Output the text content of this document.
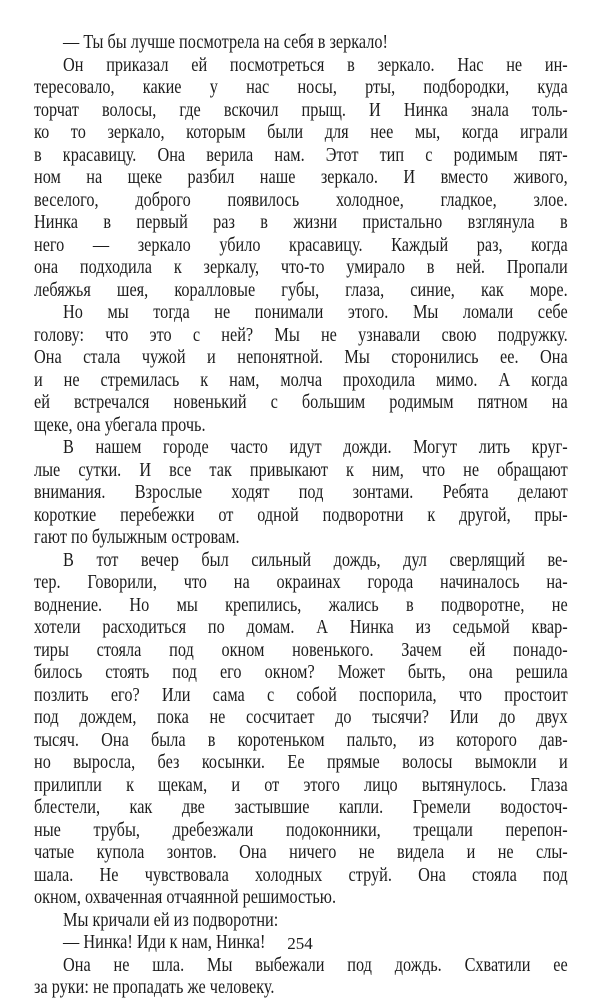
— Ты бы лучше посмотрела на себя в зеркало!
Он приказал ей посмотреться в зеркало. Нас не ин-
тересовало, какие у нас носы, рты, подбородки, куда
торчат волосы, где вскочил прыщ. И Нинка знала толь-
ко то зеркало, которым были для нее мы, когда играли
в красавицу. Она верила нам. Этот тип с родимым пят-
ном на щеке разбил наше зеркало. И вместо живого,
веселого, доброго появилось холодное, гладкое, злое.
Нинка в первый раз в жизни пристально взглянула в
него — зеркало убило красавицу. Каждый раз, когда
она подходила к зеркалу, что-то умирало в ней. Пропали
лебяжья шея, коралловые губы, глаза, синие, как море.
Но мы тогда не понимали этого. Мы ломали себе
голову: что это с ней? Мы не узнавали свою подружку.
Она стала чужой и непонятной. Мы сторонились ее. Она
и не стремилась к нам, молча проходила мимо. А когда
ей встречался новенький с большим родимым пятном на
щеке, она убегала прочь.
В нашем городе часто идут дожди. Могут лить круг-
лые сутки. И все так привыкают к ним, что не обращают
внимания. Взрослые ходят под зонтами. Ребята делают
короткие перебежки от одной подворотни к другой, пры-
гают по булыжным островам.
В тот вечер был сильный дождь, дул сверлящий ве-
тер. Говорили, что на окраинах города начиналось на-
воднение. Но мы крепились, жались в подворотне, не
хотели расходиться по домам. А Нинка из седьмой квар-
тиры стояла под окном новенького. Зачем ей понадо-
билось стоять под его окном? Может быть, она решила
позлить его? Или сама с собой поспорила, что простоит
под дождем, пока не сосчитает до тысячи? Или до двух
тысяч. Она была в коротеньком пальто, из которого дав-
но выросла, без косынки. Ее прямые волосы вымокли и
прилипли к щекам, и от этого лицо вытянулось. Глаза
блестели, как две застывшие капли. Гремели водосточ-
ные трубы, дребезжали подоконники, трещали перепон-
чатые купола зонтов. Она ничего не видела и не слы-
шала. Не чувствовала холодных струй. Она стояла под
окном, охваченная отчаянной решимостью.
Мы кричали ей из подворотни:
— Нинка! Иди к нам, Нинка!
Она не шла. Мы выбежали под дождь. Схватили ее
за руки: не пропадать же человеку.
254
